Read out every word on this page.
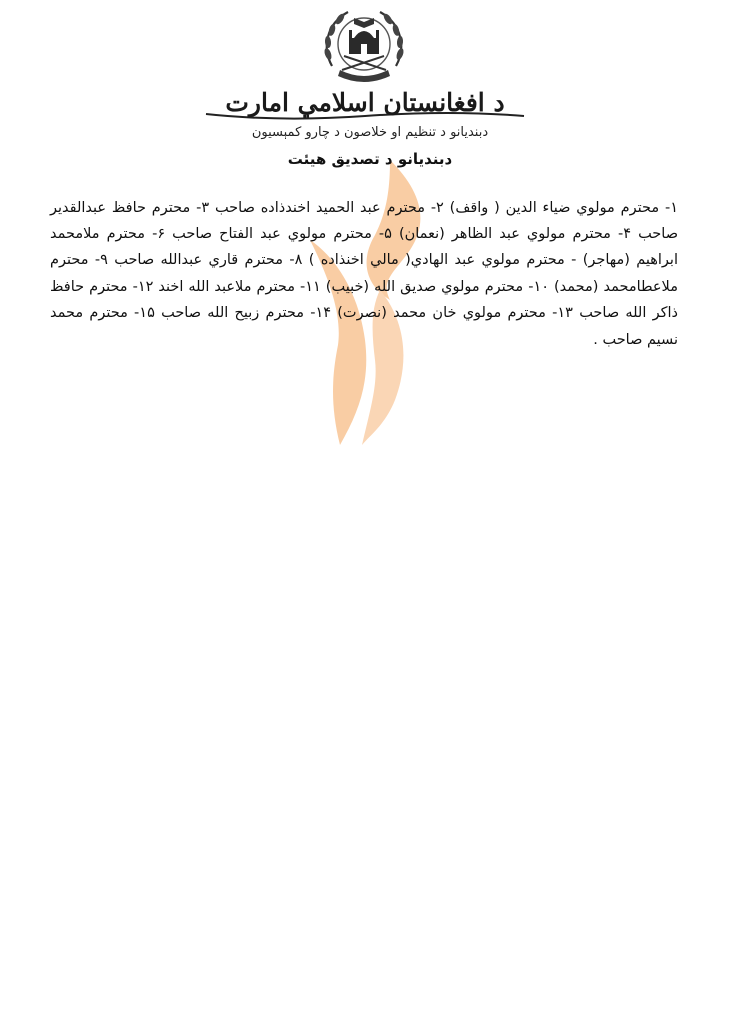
د افغانستان اسلامي امارت
دبنديانو د تنظيم او خلاصون د چارو کمېسيون
دبنديانو د تصديق هيئت

١- محترم مولوي ضياء الدين ( واقف) ٢- محترم عبد الحميد اخندذاده صاحب ٣- محترم حافظ عبدالقدير صاحب ۴- محترم مولوي عبد الظاهر (نعمان) ۵- محترم مولوي عبد الفتاح صاحب ۶- محترم ملامحمد ابراهيم (مهاجر) - محترم مولوي عبد الهادي( مالي اخنذاده ) ٨- محترم قاري عبدالله صاحب ٩- محترم ملاعطامحمد (محمد) ١٠- محترم مولوي صديق الله (خبيب) ١١- محترم ملاعبد الله اخند ١٢- محترم حافظ ذاکر الله صاحب ١٣- محترم مولوي خان محمد (نصرت) ١۴- محترم زبيح الله صاحب ١۵- محترم محمد نسيم صاحب .
